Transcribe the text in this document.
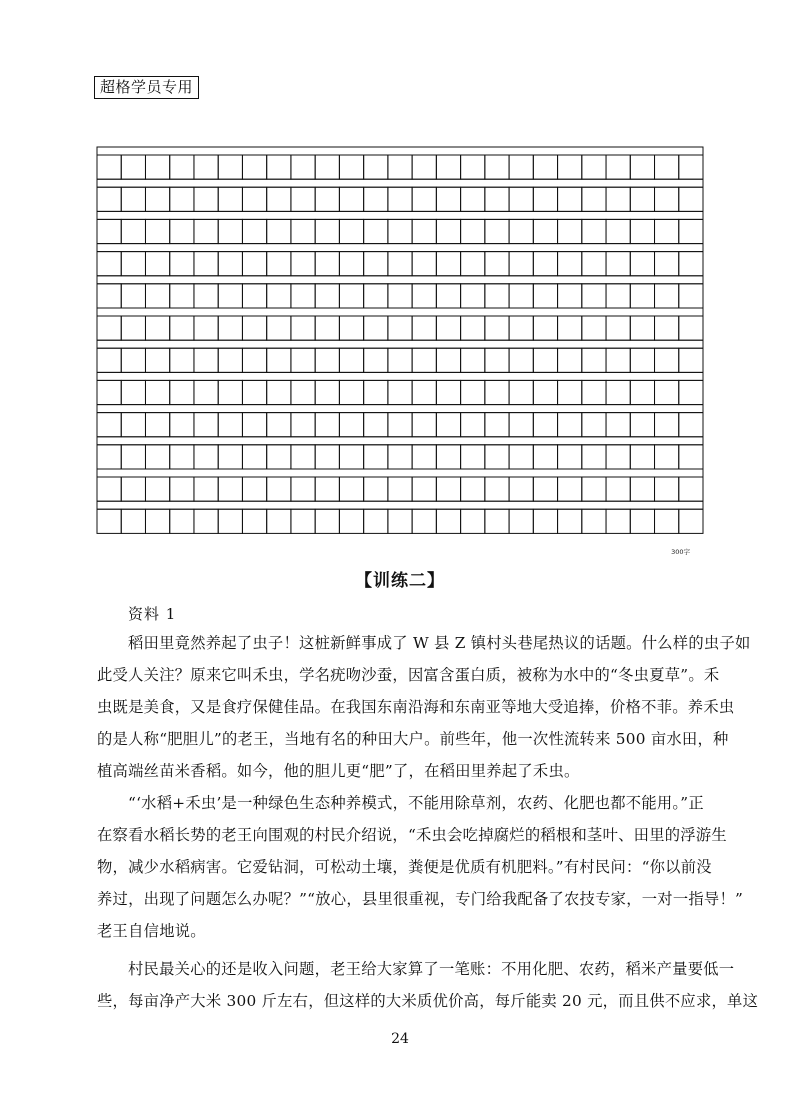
超格学员专用
300字
【训练二】
资料 1
稻田里竟然养起了虫子！这桩新鲜事成了 W 县 Z 镇村头巷尾热议的话题。什么样的虫子如
此受人关注？原来它叫禾虫，学名疣吻沙蚕，因富含蛋白质，被称为水中的“冬虫夏草”。禾
虫既是美食，又是食疗保健佳品。在我国东南沿海和东南亚等地大受追捧，价格不菲。养禾虫
的是人称“肥胆儿”的老王，当地有名的种田大户。前些年，他一次性流转来 500 亩水田，种
植高端丝苗米香稻。如今，他的胆儿更“肥”了，在稻田里养起了禾虫。
“‘水稻+禾虫’是一种绿色生态种养模式，不能用除草剂，农药、化肥也都不能用。”正
在察看水稻长势的老王向围观的村民介绍说，“禾虫会吃掉腐烂的稻根和茎叶、田里的浮游生
物，减少水稻病害。它爱钻洞，可松动土壤，粪便是优质有机肥料。”有村民问：“你以前没
养过，出现了问题怎么办呢？”“放心，县里很重视，专门给我配备了农技专家，一对一指导！”
老王自信地说。
村民最关心的还是收入问题，老王给大家算了一笔账：不用化肥、农药，稻米产量要低一
些，每亩净产大米 300 斤左右，但这样的大米质优价高，每斤能卖 20 元，而且供不应求，单这
24
